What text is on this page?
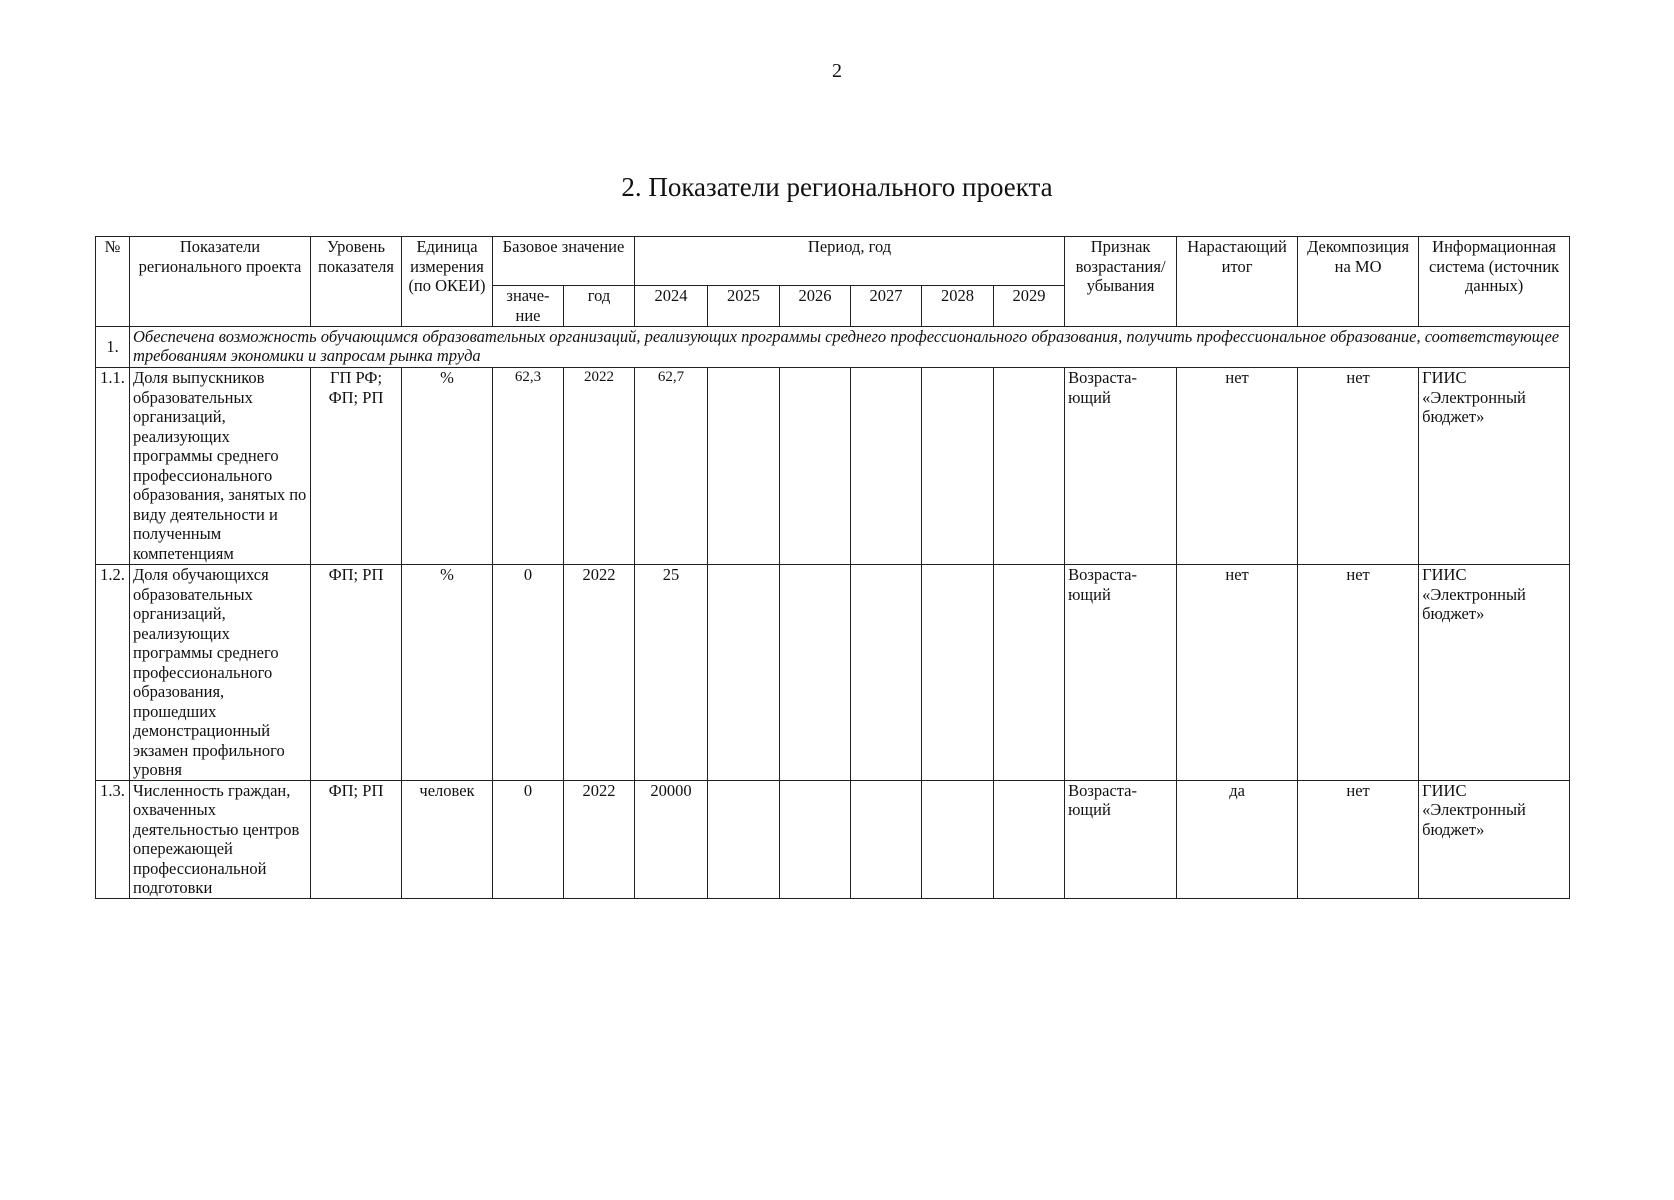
2
2. Показатели регионального проекта
№	Показатели регионального проекта	Уровень показателя	Единица измерения (по ОКЕИ)	Базовое значение		Период, год						Признак возрастания/ убывания	Нарастающий итог	Декомпозиция на МО	Информационная система (источник данных)
				значе-ние	год	2024	2025	2026	2027	2028	2029				
1.	Обеспечена возможность обучающимся образовательных организаций, реализующих программы среднего профессионального образования, получить профессиональное образование, соответствующее требованиям экономики и запросам рынка труда														
1.1.	Доля выпускников образовательных организаций, реализующих программы среднего профессионального образования, занятых по виду деятельности и полученным компетенциям	ГП РФ; ФП; РП	%	62,3	2022	62,7						Возраста-ющий	нет	нет	ГИИС «Электронный бюджет»
1.2.	Доля обучающихся образовательных организаций, реализующих программы среднего профессионального образования, прошедших демонстрационный экзамен профильного уровня	ФП; РП	%	0	2022	25						Возраста-ющий	нет	нет	ГИИС «Электронный бюджет»
1.3.	Численность граждан, охваченных деятельностью центров опережающей профессиональной подготовки	ФП; РП	человек	0	2022	20000						Возраста-ющий	да	нет	ГИИС «Электронный бюджет»
